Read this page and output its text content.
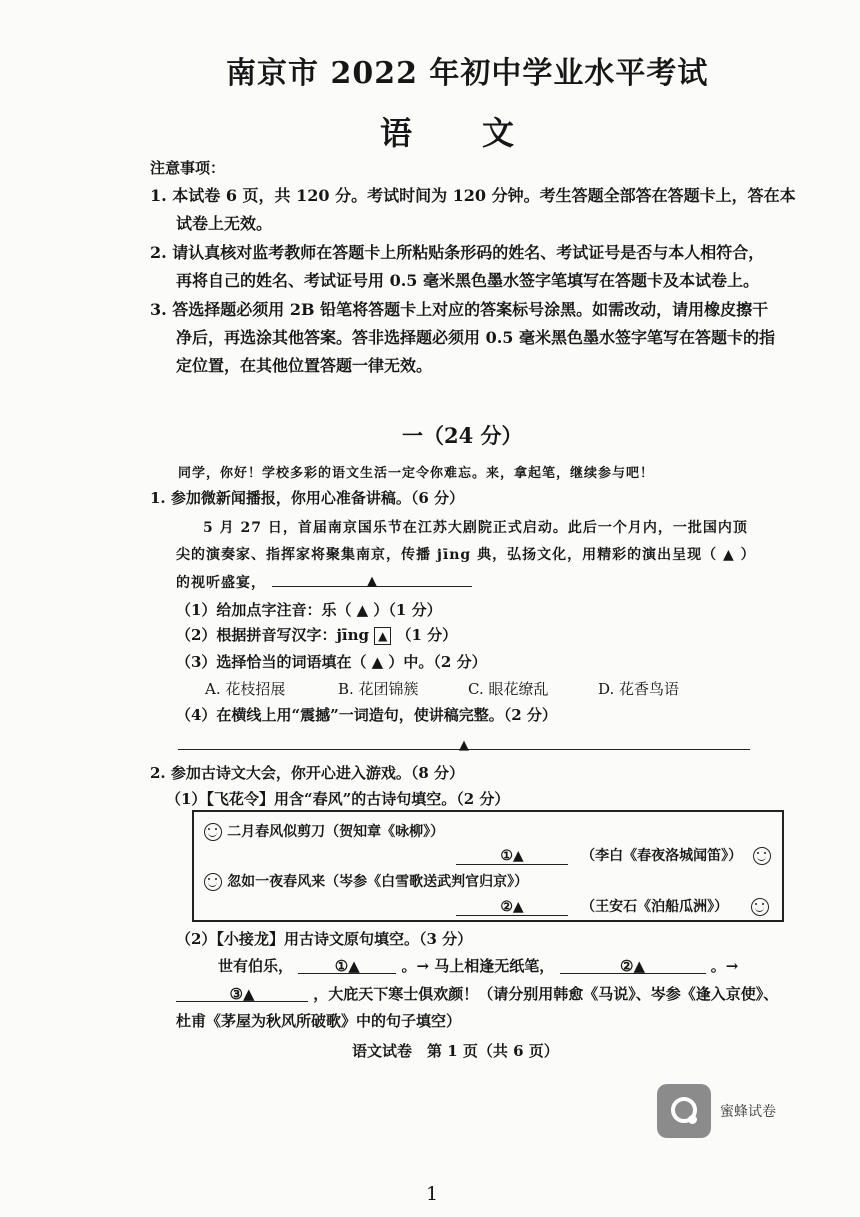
南京市 2022 年初中学业水平考试
语文
注意事项：
1. 本试卷 6 页，共 120 分。考试时间为 120 分钟。考生答题全部答在答题卡上，答在本
试卷上无效。
2. 请认真核对监考教师在答题卡上所粘贴条形码的姓名、考试证号是否与本人相符合，
再将自己的姓名、考试证号用 0.5 毫米黑色墨水签字笔填写在答题卡及本试卷上。
3. 答选择题必须用 2B 铅笔将答题卡上对应的答案标号涂黑。如需改动，请用橡皮擦干
净后，再选涂其他答案。答非选择题必须用 0.5 毫米黑色墨水签字笔写在答题卡的指
定位置，在其他位置答题一律无效。
一（24 分）
同学，你好！学校多彩的语文生活一定令你难忘。来，拿起笔，继续参与吧！
1. 参加微新闻播报，你用心准备讲稿。（6 分）
5 月 27 日，首届南京国乐节在江苏大剧院正式启动。此后一个月内，一批国内顶
尖的演奏家、指挥家将聚集南京，传播 jīng 典，弘扬文化，用精彩的演出呈现（ ▲ ）
的视听盛宴，	▲
（1）给加点字注音：乐（ ▲ ）（1 分）
（2）根据拼音写汉字：jīng ▲ （1 分）
（3）选择恰当的词语填在（ ▲ ）中。（2 分）
A. 花枝招展	B. 花团锦簇	C. 眼花缭乱	D. 花香鸟语
（4）在横线上用“震撼”一词造句，使讲稿完整。（2 分）
▲
2. 参加古诗文大会，你开心进入游戏。（8 分）
（1）【飞花令】用含“春风”的古诗句填空。（2 分）
二月春风似剪刀（贺知章《咏柳》）
①▲	（李白《春夜洛城闻笛》）
忽如一夜春风来（岑参《白雪歌送武判官归京》）
②▲	（王安石《泊船瓜洲》）
（2）【小接龙】用古诗文原句填空。（3 分）
世有伯乐，	①▲	。→ 马上相逢无纸笔，	②▲	。→
③▲	，大庇天下寒士俱欢颜！（请分别用韩愈《马说》、岑参《逢入京使》、
杜甫《茅屋为秋风所破歌》中的句子填空）
语文试卷　第 1 页（共 6 页）
蜜蜂试卷
1
